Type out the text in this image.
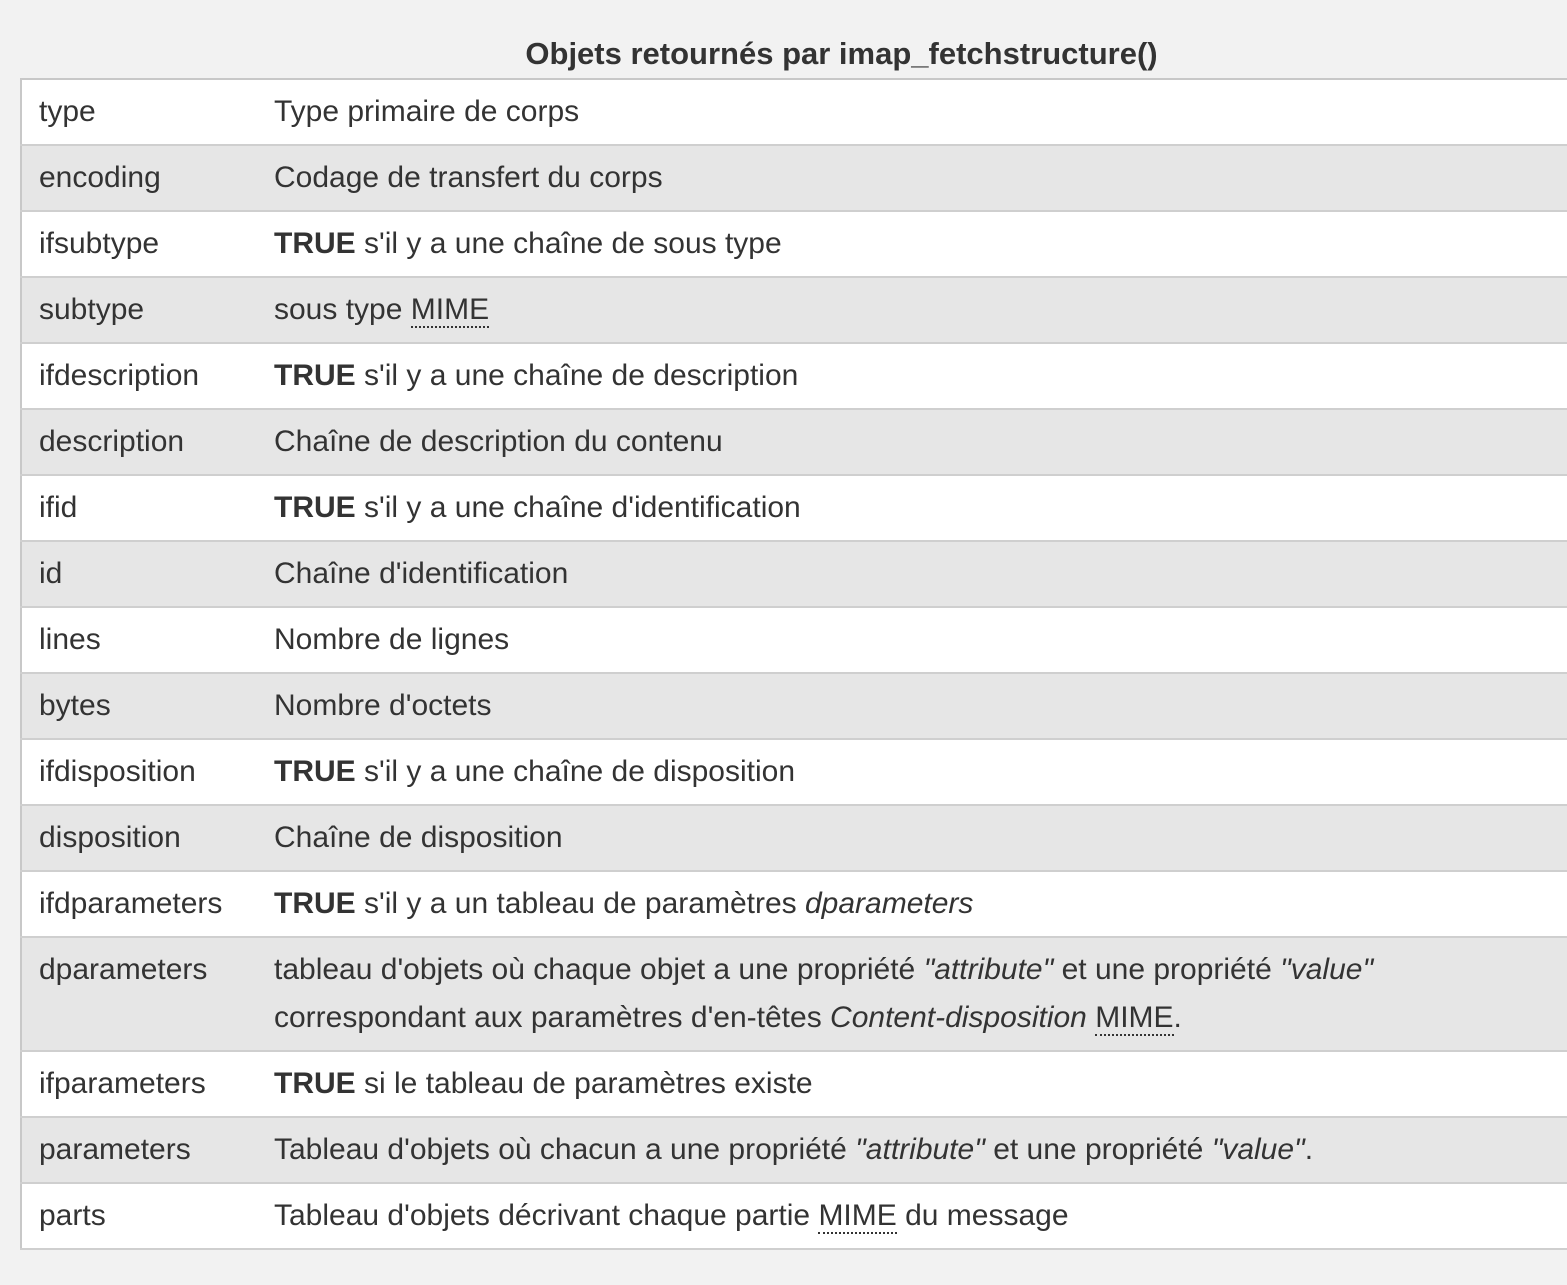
Objets retournés par imap_fetchstructure()
type	Type primaire de corps

encoding	Codage de transfert du corps

ifsubtype	TRUE s'il y a une chaîne de sous type

subtype	sous type MIME

ifdescription	TRUE s'il y a une chaîne de description

description	Chaîne de description du contenu

ifid	TRUE s'il y a une chaîne d'identification

id	Chaîne d'identification

lines	Nombre de lignes

bytes	Nombre d'octets

ifdisposition	TRUE s'il y a une chaîne de disposition

disposition	Chaîne de disposition

ifdparameters	TRUE s'il y a un tableau de paramètres dparameters

dparameters	tableau d'objets où chaque objet a une propriété "attribute" et une propriété "value"
correspondant aux paramètres d'en-têtes Content-disposition MIME.

ifparameters	TRUE si le tableau de paramètres existe

parameters	Tableau d'objets où chacun a une propriété "attribute" et une propriété "value".

parts	Tableau d'objets décrivant chaque partie MIME du message
